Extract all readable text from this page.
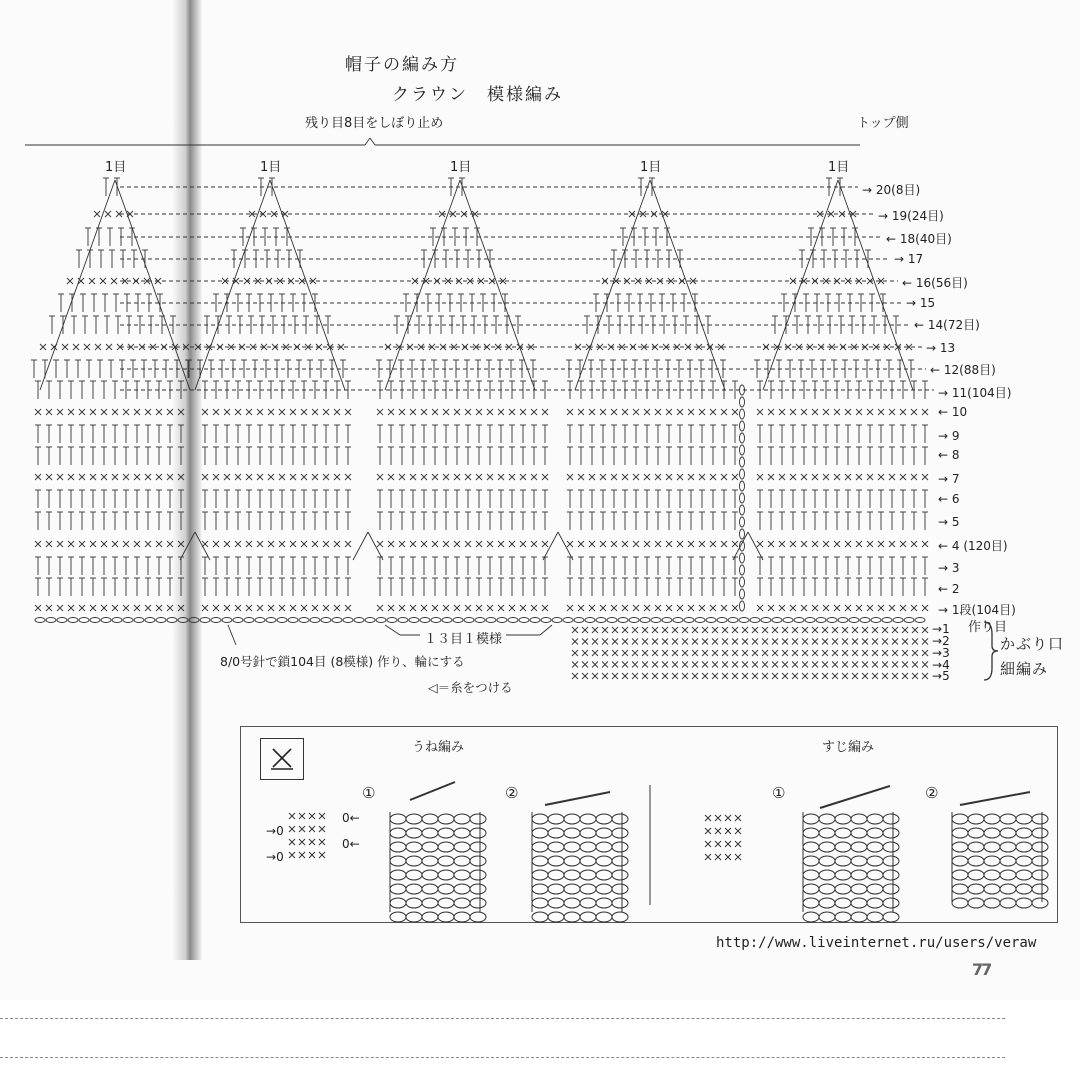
帽子の編み方
クラウン　模様編み
残り目8目をしぼり止め	トップ側
1目	1目	1目	1目	1目
→ 20(8目)
→ 19(24目)
← 18(40目)
→ 17
← 16(56目)
→ 15
← 14(72目)
→ 13
← 12(88目)
→ 11(104目)
← 10
→ 9
← 8
→ 7
← 6
→ 5
← 4 (120目)
→ 3
← 2
→ 1段(104目)
作り目
→1
→2
→3
→4
→5
かぶり口
細編み
１３目１模様
8/0号針で鎖104目 (8模様) 作り、輪にする
◁＝糸をつける
うね編み	すじ編み
①	②	①	②
0←
→0
0←
→0
http://www.liveinternet.ru/users/veraw
77
